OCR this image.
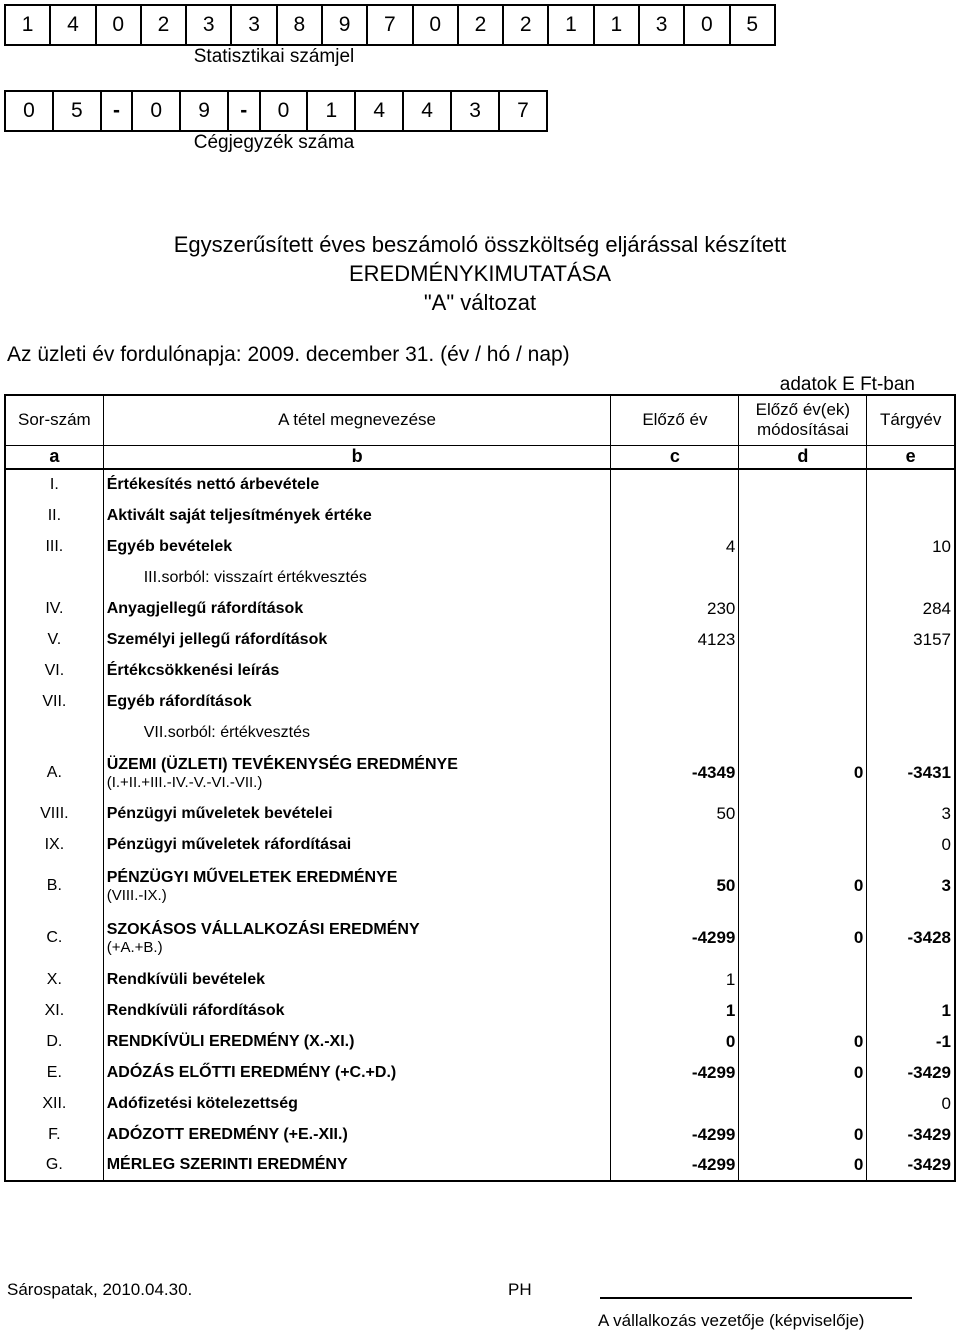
1	4	0	2	3	3	8	9	7	0	2	2	1	1	3	0	5
Statisztikai számjel
0	5	-	0	9	-	0	1	4	4	3	7
Cégjegyzék száma
Egyszerűsített éves beszámoló összköltség eljárással készített
EREDMÉNYKIMUTATÁSA
"A" változat
Az üzleti év fordulónapja: 2009. december 31. (év / hó / nap)
adatok E Ft-ban
Sor-szám	A tétel megnevezése	Előző év	Előző év(ek) módosításai	Tárgyév
a	b	c	d	e
I.	Értékesítés nettó árbevétele			

II.	Aktivált saját teljesítmények értéke			

III.	Egyéb bevételek	4		10

	III.sorból: visszaírt értékvesztés			

IV.	Anyagjellegű ráfordítások	230		284
V.	Személyi jellegű ráfordítások	4123		3157
VI.	Értékcsökkenési leírás			

VII.	Egyéb ráfordítások			

	VII.sorból: értékvesztés			

A.	ÜZEMI (ÜZLETI) TEVÉKENYSÉG EREDMÉNYE
(I.+II.+III.-IV.-V.-VI.-VII.)	-4349	0	-3431
VIII.	Pénzügyi műveletek bevételei	50		3
IX.	Pénzügyi műveletek ráfordításai			0
B.	PÉNZÜGYI MŰVELETEK EREDMÉNYE
(VIII.-IX.)	50	0	3
C.	SZOKÁSOS VÁLLALKOZÁSI EREDMÉNY
(+A.+B.)	-4299	0	-3428
X.	Rendkívüli bevételek	1		
XI.	Rendkívüli ráfordítások	1		1
D.	RENDKÍVÜLI EREDMÉNY (X.-XI.)	0	0	-1
E.	ADÓZÁS ELŐTTI EREDMÉNY (+C.+D.)	-4299	0	-3429
XII.	Adófizetési kötelezettség			0
F.	ADÓZOTT EREDMÉNY (+E.-XII.)	-4299	0	-3429
G.	MÉRLEG SZERINTI EREDMÉNY	-4299	0	-3429
Sárospatak, 2010.04.30.	PH
A vállalkozás vezetője (képviselője)
